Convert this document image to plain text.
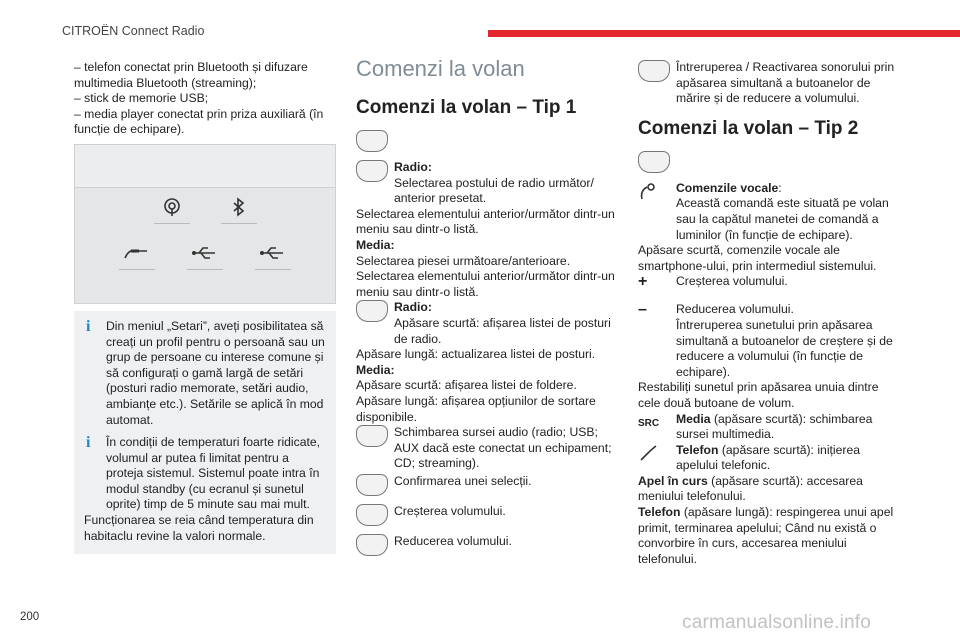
CITROËN Connect Radio

– telefon conectat prin Bluetooth și difuzare multimedia Bluetooth (streaming);

– stick de memorie USB;

– media player conectat prin priza auxiliară (în funcție de echipare).

i	Din meniul „Setari”, aveți posibilitatea să creați un profil pentru o persoană sau un grup de persoane cu interese comune și să configurați o gamă largă de setări (posturi radio memorate, setări audio, ambianțe etc.). Setările se aplică în mod automat.

i	În condiții de temperaturi foarte ridicate, volumul ar putea fi limitat pentru a proteja sistemul. Sistemul poate intra în modul standby (cu ecranul și sunetul oprite) timp de 5 minute sau mai mult.

Funcționarea se reia când temperatura din habitaclu revine la valori normale.

Comenzi la volan
Comenzi la volan – Tip 1
Radio:
Selectarea postului de radio următor/ anterior presetat.

Selectarea elementului anterior/următor dintr-un meniu sau dintr-o listă.

Media:

Selectarea piesei următoare/anterioare.

Selectarea elementului anterior/următor dintr-un meniu sau dintr-o listă.

Radio:
Apăsare scurtă: afișarea listei de posturi de radio.

Apăsare lungă: actualizarea listei de posturi.

Media:

Apăsare scurtă: afișarea listei de foldere.

Apăsare lungă: afișarea opțiunilor de sortare disponibile.

Schimbarea sursei audio (radio; USB; AUX dacă este conectat un echipament; CD; streaming).
Confirmarea unei selecții.
Creșterea volumului.
Reducerea volumului.
Întreruperea / Reactivarea sonorului prin apăsarea simultană a butoanelor de mărire și de reducere a volumului.
Comenzi la volan – Tip 2
Comenzile vocale:
Această comandă este situată pe volan sau la capătul manetei de comandă a luminilor (în funcție de echipare).

Apăsare scurtă, comenzile vocale ale smartphone-ului, prin intermediul sistemului.

+	Creșterea volumului.
–	Reducerea volumului.
Întreruperea sunetului prin apăsarea simultană a butoanelor de creștere și de reducere a volumului (în funcție de echipare).

Restabiliți sunetul prin apăsarea unuia dintre cele două butoane de volum.

SRC	Media (apăsare scurtă): schimbarea sursei multimedia.
Telefon (apăsare scurtă): inițierea apelului telefonic.

Apel în curs (apăsare scurtă): accesarea meniului telefonului.

Telefon (apăsare lungă): respingerea unui apel primit, terminarea apelului; Când nu există o convorbire în curs, accesarea meniului telefonului.

200	carmanualsonline.info
